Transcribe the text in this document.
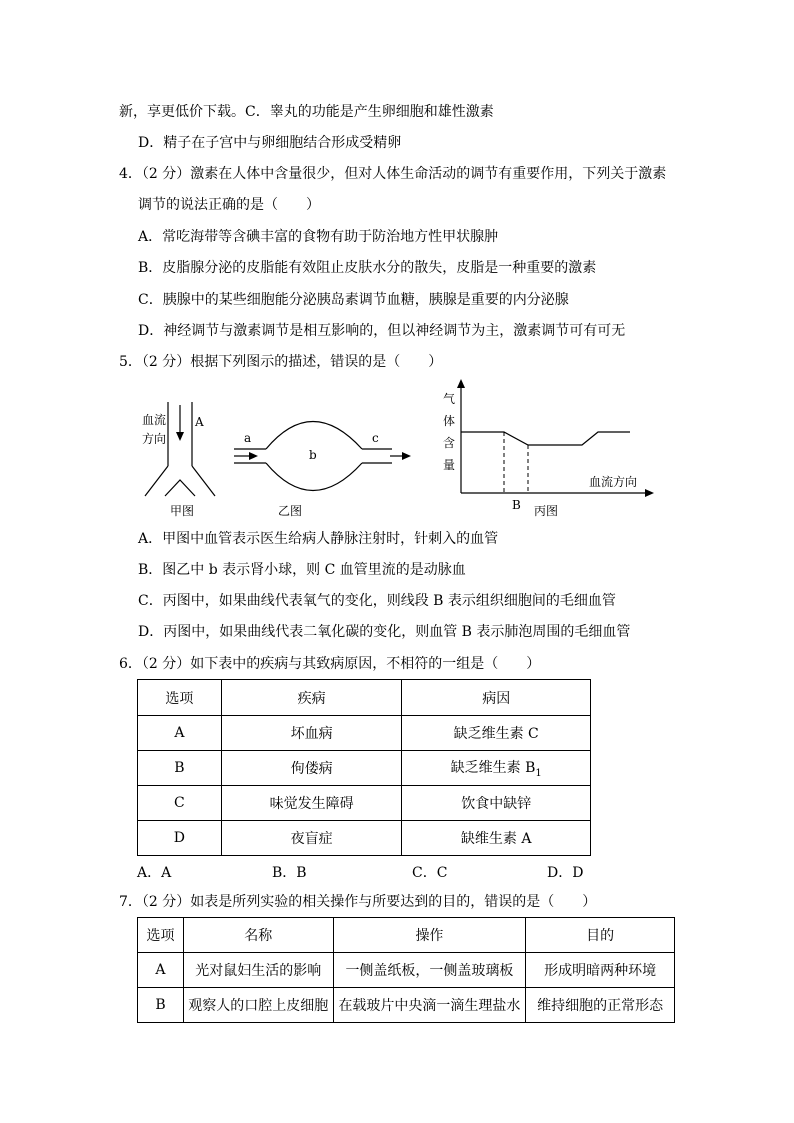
新，享更低价下载。C．睾丸的功能是产生卵细胞和雄性激素
D．精子在子宫中与卵细胞结合形成受精卵
4．（2 分）激素在人体中含量很少，但对人体生命活动的调节有重要作用，下列关于激素
调节的说法正确的是（　　）
A．常吃海带等含碘丰富的食物有助于防治地方性甲状腺肿
B．皮脂腺分泌的皮脂能有效阻止皮肤水分的散失，皮脂是一种重要的激素
C．胰腺中的某些细胞能分泌胰岛素调节血糖，胰腺是重要的内分泌腺
D．神经调节与激素调节是相互影响的，但以神经调节为主，激素调节可有可无
5．（2 分）根据下列图示的描述，错误的是（　　）
血流
方向
A
甲图
a
b
c
乙图
气
体
含
量
血流方向
B 丙图
A．甲图中血管表示医生给病人静脉注射时，针刺入的血管
B．图乙中 b 表示肾小球，则 C 血管里流的是动脉血
C．丙图中，如果曲线代表氧气的变化，则线段 B 表示组织细胞间的毛细血管
D．丙图中，如果曲线代表二氧化碳的变化，则血管 B 表示肺泡周围的毛细血管
6．（2 分）如下表中的疾病与其致病原因，不相符的一组是（　　）
选项	疾病	病因
A	坏血病	缺乏维生素 C
B	佝偻病	缺乏维生素 $B_1$
C	味觉发生障碍	饮食中缺锌
D	夜盲症	缺维生素 A
A．A	B．B	C．C	D．D
7．（2 分）如表是所列实验的相关操作与所要达到的目的，错误的是（　　）
选项	名称	操作	目的
A	光对鼠妇生活的影响	一侧盖纸板，一侧盖玻璃板	形成明暗两种环境
B	观察人的口腔上皮细胞	在载玻片中央滴一滴生理盐水	维持细胞的正常形态
